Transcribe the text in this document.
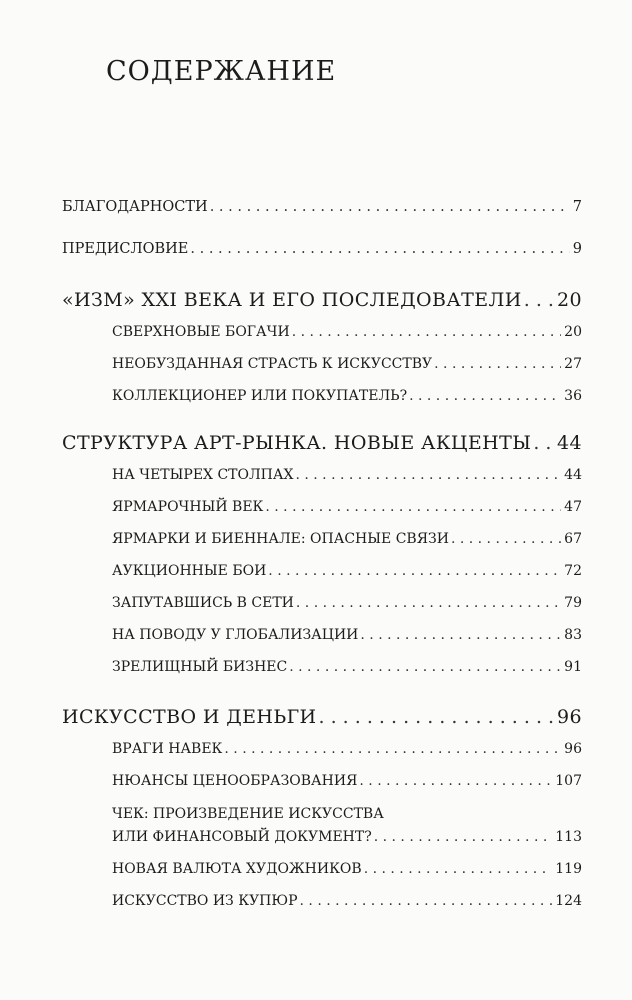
СОДЕРЖАНИЕ
БЛАГОДАРНОСТИ . . .	7
ПРЕДИСЛОВИЕ . . .	9
«ИЗМ» XXI ВЕКА И ЕГО ПОСЛЕДОВАТЕЛИ . . . 20
СВЕРХНОВЫЕ БОГАЧИ . . .	20
НЕОБУЗДАННАЯ СТРАСТЬ К ИСКУССТВУ . . .	27
КОЛЛЕКЦИОНЕР ИЛИ ПОКУПАТЕЛЬ? . . .	36
СТРУКТУРА АРТ-РЫНКА. НОВЫЕ АКЦЕНТЫ . . . 44
НА ЧЕТЫРЕХ СТОЛПАХ . . .	44
ЯРМАРОЧНЫЙ ВЕК . . .	47
ЯРМАРКИ И БИЕННАЛЕ: ОПАСНЫЕ СВЯЗИ . . .	67
АУКЦИОННЫЕ БОИ . . .	72
ЗАПУТАВШИСЬ В СЕТИ . . .	79
НА ПОВОДУ У ГЛОБАЛИЗАЦИИ . . .	83
ЗРЕЛИЩНЫЙ БИЗНЕС . . .	91
ИСКУССТВО И ДЕНЬГИ . . .	96
ВРАГИ НАВЕК . . .	96
НЮАНСЫ ЦЕНООБРАЗОВАНИЯ . . .	107
ЧЕК: ПРОИЗВЕДЕНИЕ ИСКУССТВА
ИЛИ ФИНАНСОВЫЙ ДОКУМЕНТ? . . .	113
НОВАЯ ВАЛЮТА ХУДОЖНИКОВ . . .	119
ИСКУССТВО ИЗ КУПЮР . . .	124
